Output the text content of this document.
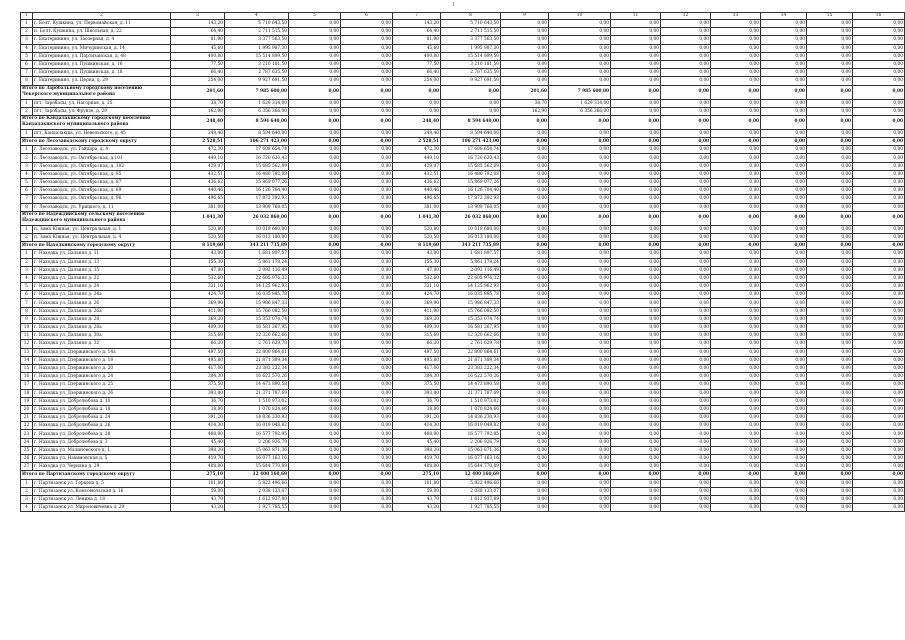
1
1	2	3	4	5	6	7	8	9	10	11	12	13	14	15	16
1	г. Болт. Кушкина, ул. Первомайская, д. 11	143,20	5 710 643,50	0,00	0,00	143,20	5 710 643,50	0,00	0,00	0,00	0,00	0,00	0,00	0,00	0,00
2	п. Болт. Кушкина, ул. Школьная, д. 22	64,40	2 711 515,50	0,00	0,00	64,40	2 711 515,50	0,00	0,00	0,00	0,00	0,00	0,00	0,00	0,00
3	г. Екатеринино, ул. Заозерная, д. 4	81,90	3 377 563,50	0,00	0,00	81,90	3 377 563,50	0,00	0,00	0,00	0,00	0,00	0,00	0,00	0,00
4	г. Екатеринино, ул. Мичуринская, д. 14	45,60	1 995 987,30	0,00	0,00	45,60	1 995 987,30	0,00	0,00	0,00	0,00	0,00	0,00	0,00	0,00
5	г. Екатеринино, ул. Партизанская, д. 48	400,80	15 514 899,50	0,00	0,00	400,80	15 514 899,50	0,00	0,00	0,00	0,00	0,00	0,00	0,00	0,00
6	г. Екатеринино, ул. Пушкинская, д. 16	77,50	3 210 181,50	0,00	0,00	77,50	3 210 181,50	0,00	0,00	0,00	0,00	0,00	0,00	0,00	0,00
7	г. Екатеринино, ул. Пушкинская, д. 18	66,40	2 787 635,50	0,00	0,00	66,40	2 787 635,50	0,00	0,00	0,00	0,00	0,00	0,00	0,00	0,00
8	г. Екатеринино, ул. Церна, д. 29	254,00	9 927 691,50	0,00	0,00	254,00	9 927 691,50	0,00	0,00	0,00	0,00	0,00	0,00	0,00	0,00
Итого по Заробальному городскому поселению Чекерского муниципального района		201,60	7 985 600,00	0,00	0,00	0,00	0,00	201,60	7 985 600,00	0,00	0,00	0,00	0,00	0,00	0,00
1	пгт. Заробалы, ул. Нагорная, д. 25	38,70	1 629 314,00	0,00	0,00	0,00	0,00	38,70	1 629 314,00	0,00	0,00	0,00	0,00	0,00	0,00
2	пгт. Заробалы, ул. Фрунзе, д. 29	162,90	6 356 366,00	0,00	0,00	0,00	0,00	162,90	6 356 366,00	0,00	0,00	0,00	0,00	0,00	0,00
Итого по Кандалакшскому городскому поселению Кандалакшского муниципального района		248,40	8 594 640,00	0,00	0,00	248,40	8 594 640,00	0,00	0,00	0,00	0,00	0,00	0,00	0,00	0,00
1	пгт. Кандалакша, ул. Невельского, д. 45	248,40	8 594 640,00	0,00	0,00	248,40	8 594 640,00	0,00	0,00	0,00	0,00	0,00	0,00	0,00	0,00
Итого по Лесозаводскому городскому округу		2 528,51	106 271 423,00	0,00	0,00	2 528,51	106 271 423,00	0,00	0,00	0,00	0,00	0,00	0,00	0,00	0,00
1	г. Лесозаводск, ул. Гайдара, д. 4	472,30	17 608 654,74	0,00	0,00	472,30	17 608 654,74	0,00	0,00	0,00	0,00	0,00	0,00	0,00	0,00
2	г. Лесозаводск, ул. Октябрьская, д.101	449,10	16 720 620,43	0,00	0,00	449,10	16 720 620,43	0,00	0,00	0,00	0,00	0,00	0,00	0,00	0,00
3	г. Лесозаводск, ул. Октябрьская, д. 102	429,07	15 685 562,09	0,00	0,00	429,07	15 685 562,09	0,00	0,00	0,00	0,00	0,00	0,00	0,00	0,00
4	г. Лесозаводск, ул. Октябрьская, д. 85	432,51	16 480 792,08	0,00	0,00	432,51	16 480 792,08	0,00	0,00	0,00	0,00	0,00	0,00	0,00	0,00
5	г. Лесозаводск, ул. Октябрьская, д. 87	436,62	15 869 077,26	0,00	0,00	436,62	15 869 077,26	0,00	0,00	0,00	0,00	0,00	0,00	0,00	0,00
6	г. Лесозаводск, ул. Октябрьская, д. 89	440,46	16 126 704,40	0,00	0,00	440,46	16 126 704,40	0,00	0,00	0,00	0,00	0,00	0,00	0,00	0,00
7	г. Лесозаводск, ул. Октябрьская, д. 96	496,65	17 872 392,93	0,00	0,00	496,65	17 872 392,93	0,00	0,00	0,00	0,00	0,00	0,00	0,00	0,00
8	г. Лесозаводск, ул. Урицкого, д. 11	381,00	13 909 768,05	0,00	0,00	381,00	13 909 768,05	0,00	0,00	0,00	0,00	0,00	0,00	0,00	0,00
Итого по Надеждинскому сельскому поселению Надеждинского муниципального района		1 041,30	26 032 860,00	0,00	0,00	1 041,30	26 032 860,00	0,00	0,00	0,00	0,00	0,00	0,00	0,00	0,00
1	п. Зима Южная, ул. Центральная, д. 1	520,80	10 019 680,00	0,00	0,00	520,80	10 019 680,00	0,00	0,00	0,00	0,00	0,00	0,00	0,00	0,00
2	п. Зима Южная, ул. Центральная, д. 4	520,50	16 013 180,00	0,00	0,00	520,50	16 013 180,00	0,00	0,00	0,00	0,00	0,00	0,00	0,00	0,00
Итого по Находкинскому городскому округу		8 119,60	343 211 735,89	0,00	0,00	8 119,60	343 211 735,89	0,00	0,00	0,00	0,00	0,00	0,00	0,00	0,00
1	г. Находка ул. Дальняя д. 11	43,00	1 681 897,57	0,00	0,00	43,00	1 681 897,57	0,00	0,00	0,00	0,00	0,00	0,00	0,00	0,00
2	г. Находка ул. Дальняя д. 13	155,30	5 861 178,24	0,00	0,00	155,30	5 861 178,24	0,00	0,00	0,00	0,00	0,00	0,00	0,00	0,00
3	г. Находка ул. Дальняя д. 15	47,00	2 092 116,49	0,00	0,00	47,00	2 092 116,49	0,00	0,00	0,00	0,00	0,00	0,00	0,00	0,00
4	г. Находка ул. Дальняя д. 22	532,60	22 605 976,32	0,00	0,00	532,60	22 605 976,32	0,00	0,00	0,00	0,00	0,00	0,00	0,00	0,00
5	г. Находка ул. Дальняя д. 24	331,10	14 125 962,93	0,00	0,00	331,10	14 125 962,93	0,00	0,00	0,00	0,00	0,00	0,00	0,00	0,00
6	г. Находка ул. Дальняя д. 24а	424,70	16 035 885,78	0,00	0,00	424,70	16 035 885,78	0,00	0,00	0,00	0,00	0,00	0,00	0,00	0,00
7	г. Находка ул. Дальняя д. 26	369,90	15 986 847,33	0,00	0,00	369,90	15 986 847,33	0,00	0,00	0,00	0,00	0,00	0,00	0,00	0,00
8	г. Находка ул. Дальняя д. 26а	411,90	15 766 082,50	0,00	0,00	411,90	15 766 082,50	0,00	0,00	0,00	0,00	0,00	0,00	0,00	0,00
9	г. Находка ул. Дальняя д. 28	369,20	15 353 074,74	0,00	0,00	369,20	15 353 074,74	0,00	0,00	0,00	0,00	0,00	0,00	0,00	0,00
10	г. Находка ул. Дальняя д. 28а	409,30	16 581 267,95	0,00	0,00	409,30	16 581 267,95	0,00	0,00	0,00	0,00	0,00	0,00	0,00	0,00
11	г. Находка ул. Дальняя д. 30а	315,60	12 320 662,66	0,00	0,00	315,60	12 320 662,66	0,00	0,00	0,00	0,00	0,00	0,00	0,00	0,00
12	г. Находка ул. Дальняя д. 32	66,20	2 761 629,78	0,00	0,00	66,20	2 761 629,78	0,00	0,00	0,00	0,00	0,00	0,00	0,00	0,00
13	г. Находка ул. Дзержинского д. 14а	497,50	22 800 864,61	0,00	0,00	497,50	22 800 864,61	0,00	0,00	0,00	0,00	0,00	0,00	0,00	0,00
14	г. Находка ул. Дзержинского д. 18	495,80	21 871 389,34	0,00	0,00	495,80	21 871 389,34	0,00	0,00	0,00	0,00	0,00	0,00	0,00	0,00
15	г. Находка ул. Дзержинского д. 20	417,00	23 383 222,34	0,00	0,00	417,00	23 383 222,34	0,00	0,00	0,00	0,00	0,00	0,00	0,00	0,00
16	г. Находка ул. Дзержинского д. 24	304,30	16 622 570,26	0,00	0,00	304,30	16 622 570,26	0,00	0,00	0,00	0,00	0,00	0,00	0,00	0,00
17	г. Находка ул. Дзержинского д. 25	375,50	14 473 890,58	0,00	0,00	375,50	14 473 890,58	0,00	0,00	0,00	0,00	0,00	0,00	0,00	0,00
18	г. Находка ул. Дзержинского д. 26	393,80	21 371 787,69	0,00	0,00	393,80	21 371 787,69	0,00	0,00	0,00	0,00	0,00	0,00	0,00	0,00
19	г. Находка ул. Добролюбова д. 10	36,70	1 510 973,02	0,00	0,00	36,70	1 510 973,02	0,00	0,00	0,00	0,00	0,00	0,00	0,00	0,00
20	г. Находка ул. Добролюбова д. 18	18,80	1 070 824,66	0,00	0,00	18,80	1 070 824,66	0,00	0,00	0,00	0,00	0,00	0,00	0,00	0,00
21	г. Находка ул. Добролюбова д. 24	391,20	14 836 230,93	0,00	0,00	391,20	14 836 230,93	0,00	0,00	0,00	0,00	0,00	0,00	0,00	0,00
22	г. Находка ул. Добролюбова д. 26	414,30	16 019 048,82	0,00	0,00	414,30	16 019 048,82	0,00	0,00	0,00	0,00	0,00	0,00	0,00	0,00
23	г. Находка ул. Добролюбова д. 28	408,90	16 577 792,95	0,00	0,00	408,90	16 577 792,95	0,00	0,00	0,00	0,00	0,00	0,00	0,00	0,00
24	г. Находка ул. Добролюбова д. 3	45,40	2 206 926,79	0,00	0,00	45,40	2 206 926,79	0,00	0,00	0,00	0,00	0,00	0,00	0,00	0,00
25	г. Находка ул. Малиновского д. 1	398,20	15 063 871,36	0,00	0,00	398,20	15 063 871,36	0,00	0,00	0,00	0,00	0,00	0,00	0,00	0,00
26	г. Находка ул. Нахимовская д. 5	419,70	16 077 163,16	0,00	0,00	419,70	16 077 163,16	0,00	0,00	0,00	0,00	0,00	0,00	0,00	0,00
27	г. Находка ул. Черняна д. 29	408,80	15 644 770,89	0,00	0,00	408,80	15 644 770,89	0,00	0,00	0,00	0,00	0,00	0,00	0,00	0,00
Итого по Партизанскому городскому округу		275,10	12 400 160,69	0,00	0,00	275,10	12 400 160,69	0,00	0,00	0,00	0,00	0,00	0,00	0,00	0,00
1	г. Партизанск ул. Герцена д. 5	101,80	5 822 496,66	0,00	0,00	101,80	5 822 496,66	0,00	0,00	0,00	0,00	0,00	0,00	0,00	0,00
2	г. Партизанск ул. Комсомольская д. 16	59,00	2 038 133,07	0,00	0,00	59,00	2 038 133,07	0,00	0,00	0,00	0,00	0,00	0,00	0,00	0,00
3	г. Партизанск ул. Ленина д. 18	43,70	1 612 937,89	0,00	0,00	43,70	1 612 937,89	0,00	0,00	0,00	0,00	0,00	0,00	0,00	0,00
4	г. Партизанск ул. Мироновичевна д. 29	43,20	1 927 785,55	0,00	0,00	43,20	1 927 785,55	0,00	0,00	0,00	0,00	0,00	0,00	0,00	0,00
